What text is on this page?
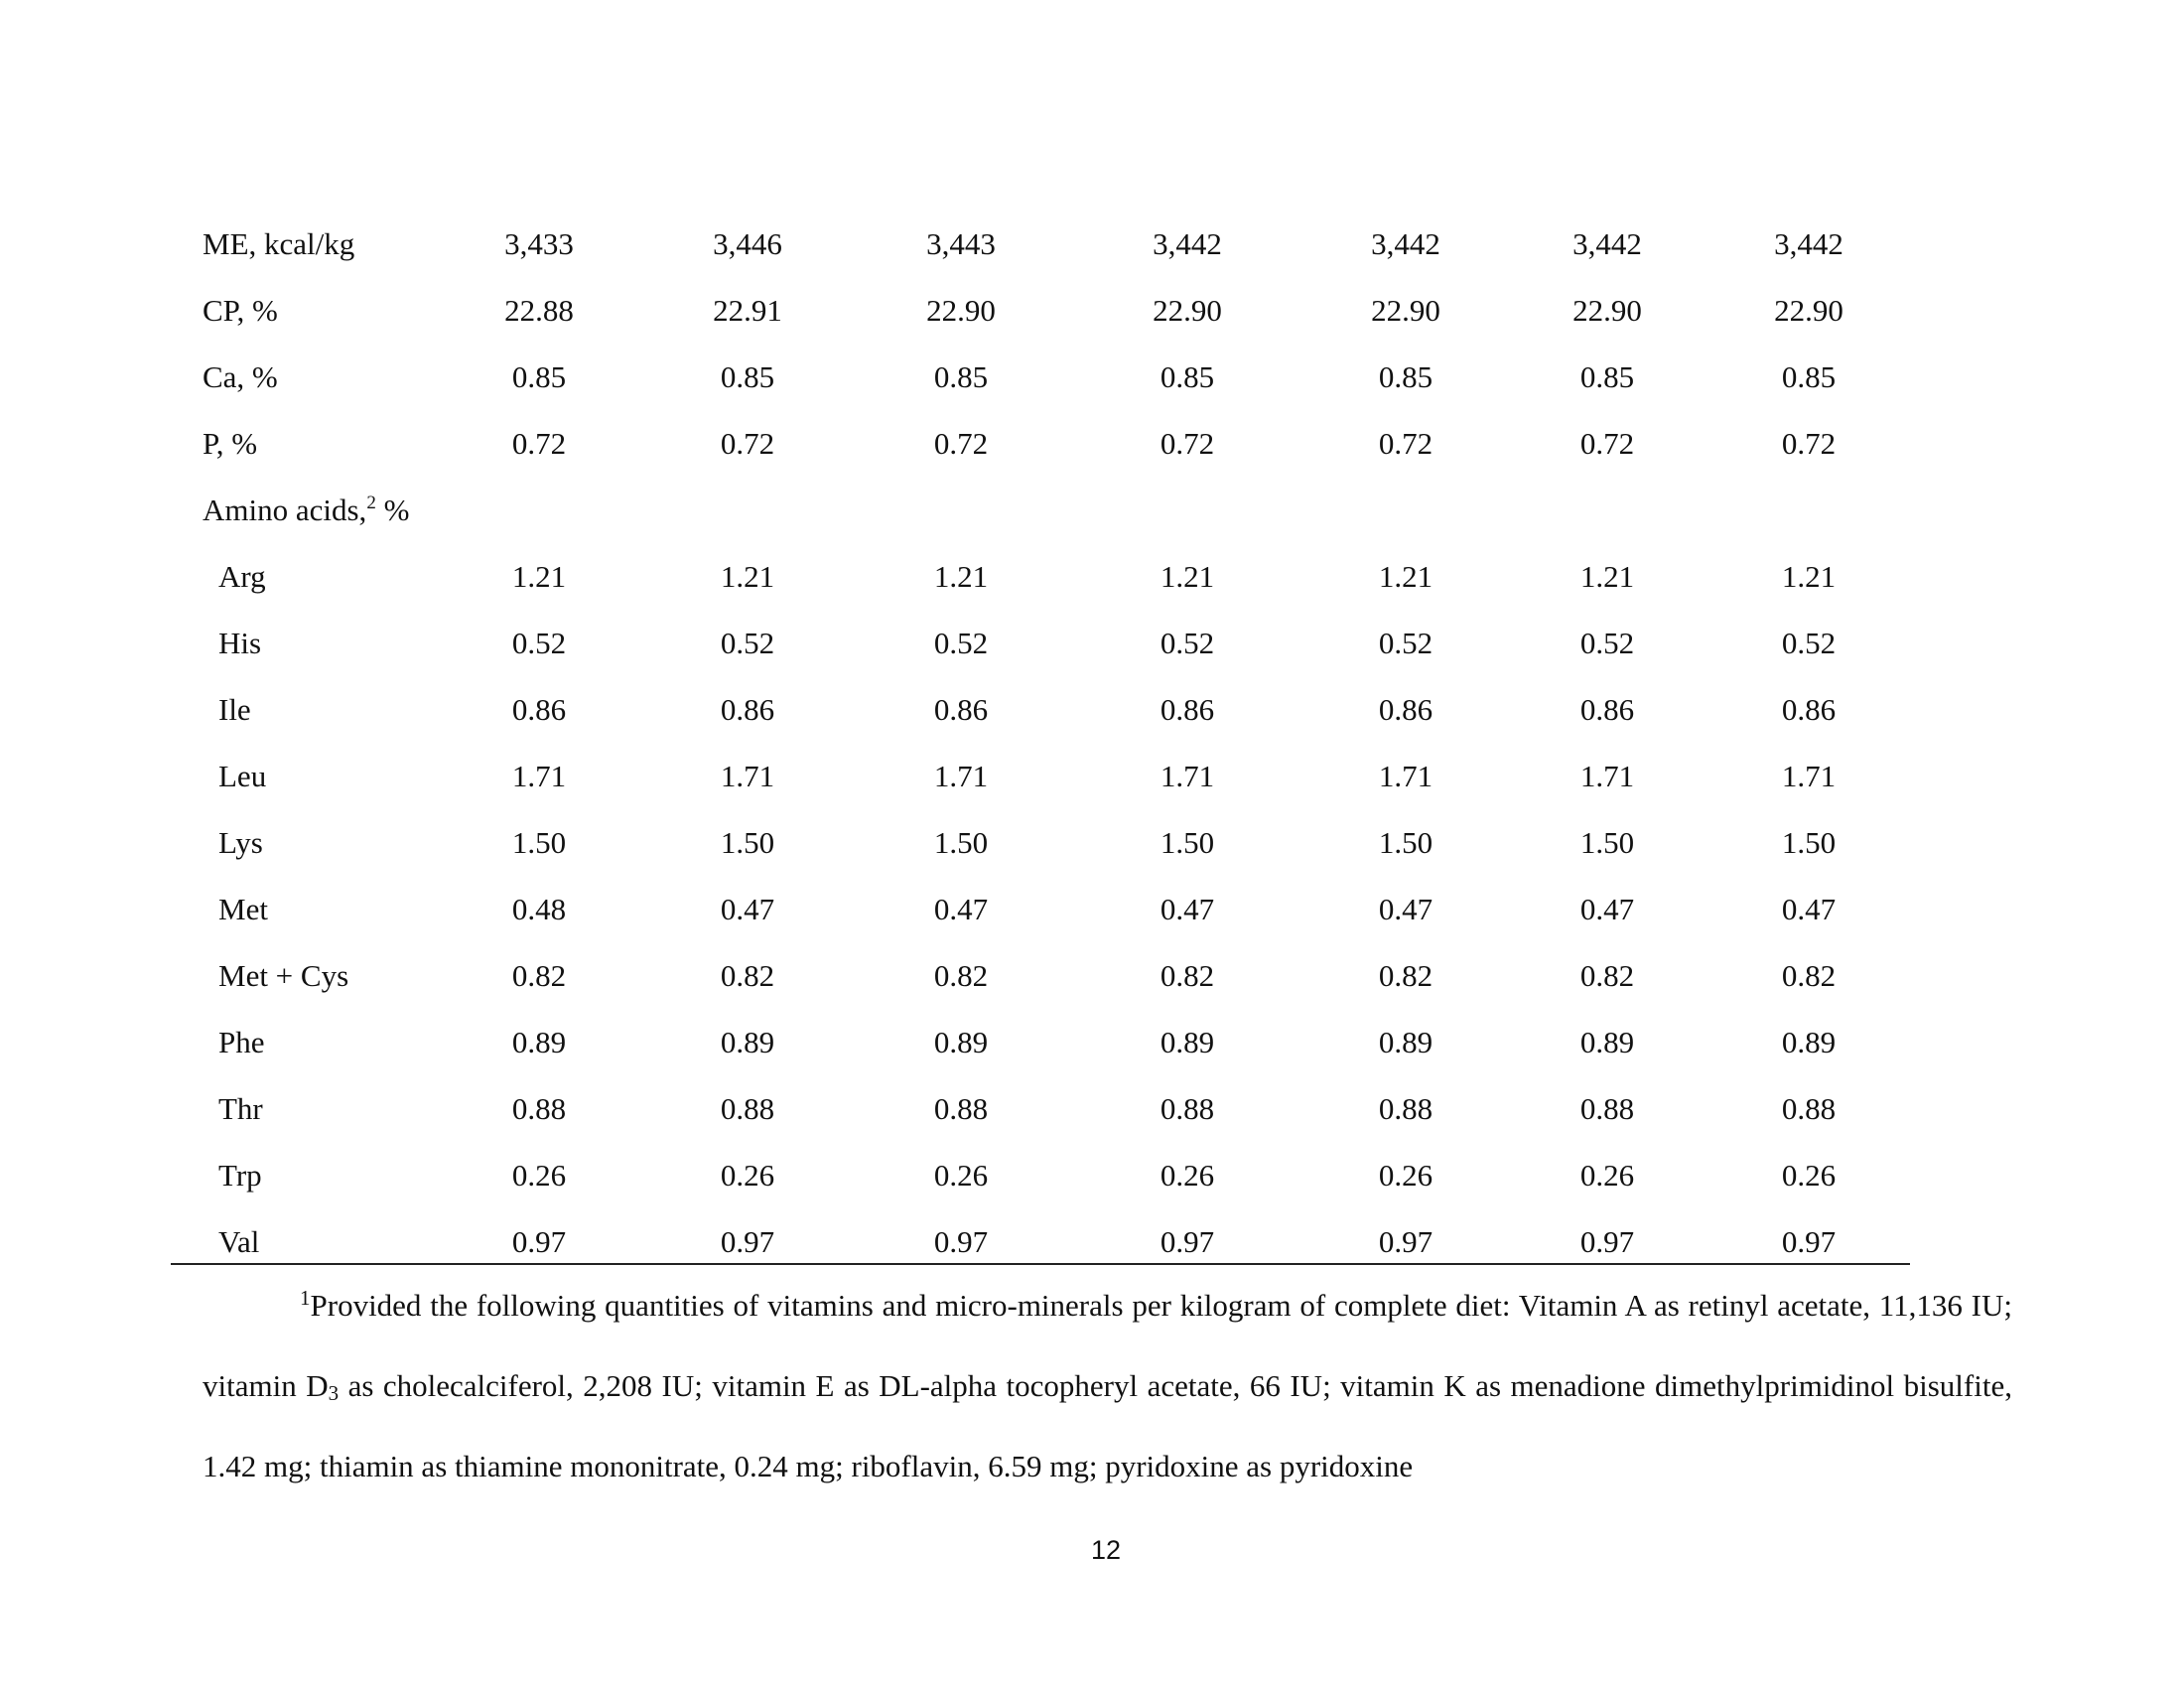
ME, kcal/kg	3,433	3,446	3,443	3,442	3,442	3,442	3,442
CP, %	22.88	22.91	22.90	22.90	22.90	22.90	22.90
Ca, %	0.85	0.85	0.85	0.85	0.85	0.85	0.85
P, %	0.72	0.72	0.72	0.72	0.72	0.72	0.72
Amino acids,$^2$ %
Arg	1.21	1.21	1.21	1.21	1.21	1.21	1.21
His	0.52	0.52	0.52	0.52	0.52	0.52	0.52
Ile	0.86	0.86	0.86	0.86	0.86	0.86	0.86
Leu	1.71	1.71	1.71	1.71	1.71	1.71	1.71
Lys	1.50	1.50	1.50	1.50	1.50	1.50	1.50
Met	0.48	0.47	0.47	0.47	0.47	0.47	0.47
Met + Cys	0.82	0.82	0.82	0.82	0.82	0.82	0.82
Phe	0.89	0.89	0.89	0.89	0.89	0.89	0.89
Thr	0.88	0.88	0.88	0.88	0.88	0.88	0.88
Trp	0.26	0.26	0.26	0.26	0.26	0.26	0.26
Val	0.97	0.97	0.97	0.97	0.97	0.97	0.97

$^1$Provided the following quantities of vitamins and micro-minerals per kilogram of complete diet: Vitamin A as retinyl acetate, 11,136 IU; vitamin D3 as cholecalciferol, 2,208 IU; vitamin E as DL-alpha tocopheryl acetate, 66 IU; vitamin K as menadione dimethylprimidinol bisulfite, 1.42 mg; thiamin as thiamine mononitrate, 0.24 mg; riboflavin, 6.59 mg; pyridoxine as pyridoxine

12
